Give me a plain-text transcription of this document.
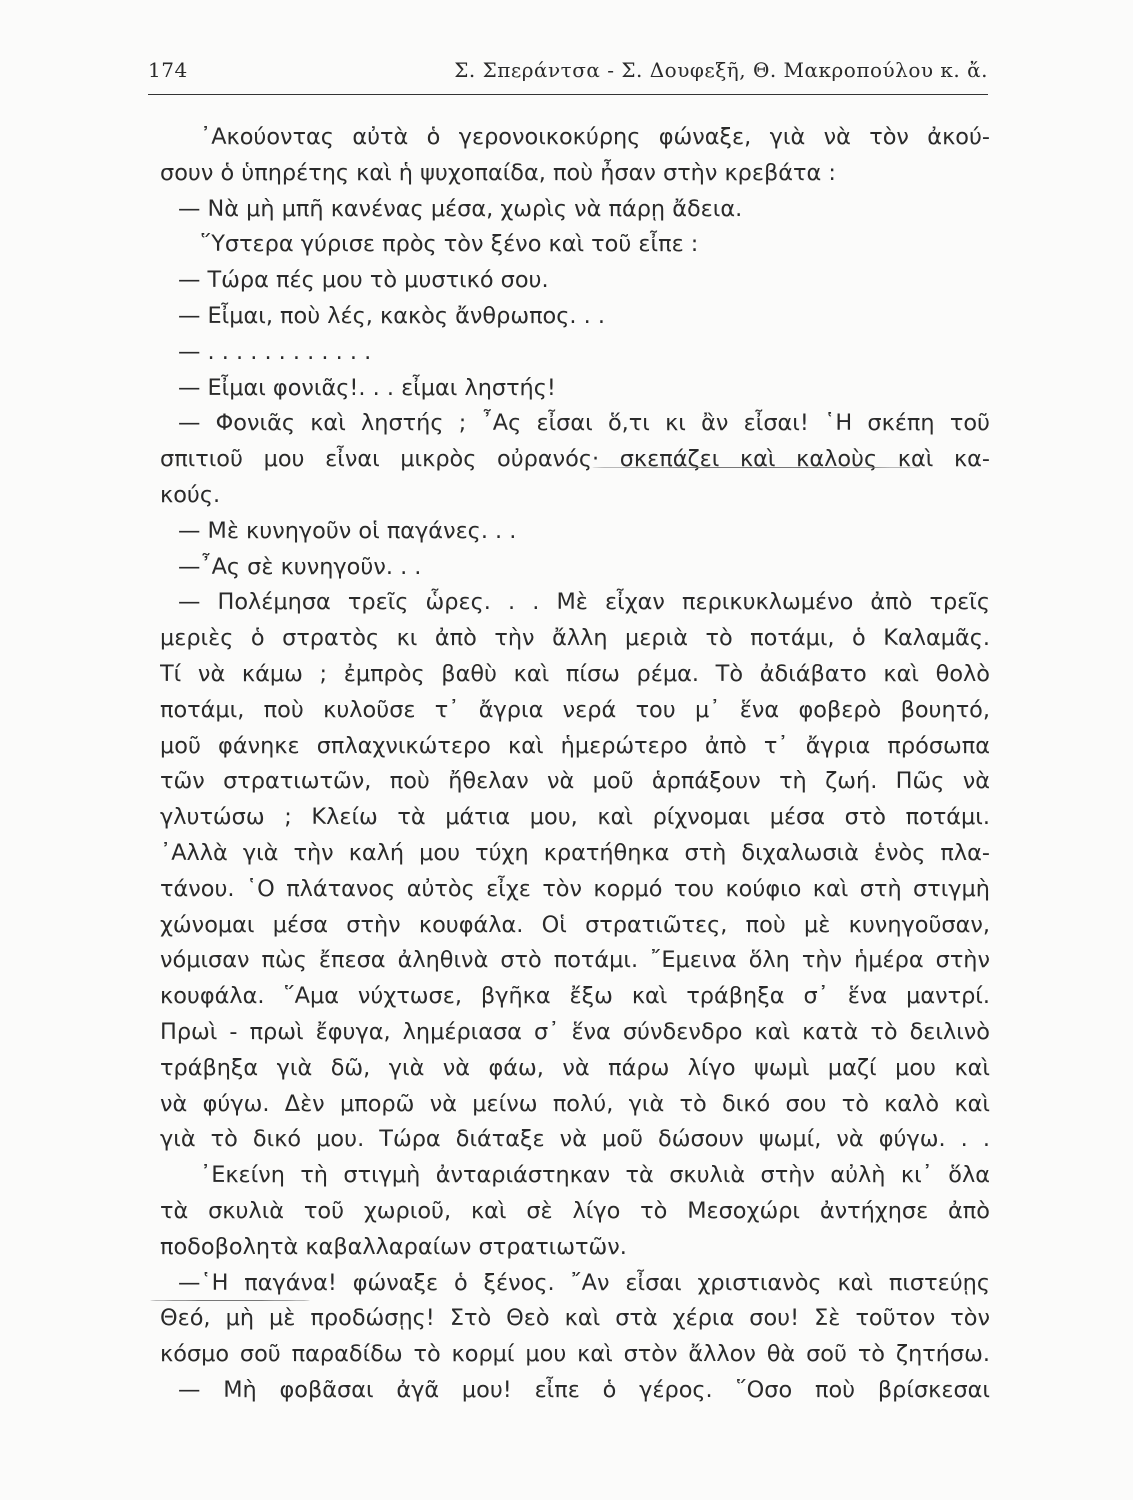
174	Σ. Σπεράντσα - Σ. Δουφεξῆ, Θ. Μακροπούλου κ. ἄ.
᾿Ακούοντας αὐτὰ ὁ γερονοικοκύρης φώναξε, γιὰ νὰ τὸν ἀκού-
σουν ὁ ὑπηρέτης καὶ ἡ ψυχοπαίδα, ποὺ ἦσαν στὴν κρεβάτα :
— Νὰ μὴ μπῆ κανένας μέσα, χωρὶς νὰ πάρῃ ἄδεια.
῞Υστερα γύρισε πρὸς τὸν ξένο καὶ τοῦ εἶπε :
— Τώρα πές μου τὸ μυστικό σου.
— Εἶμαι, ποὺ λές, κακὸς ἄνθρωπος. . .
— . . . . . . . . . . . .
— Εἶμαι φονιᾶς!. . . εἶμαι ληστής!
— Φονιᾶς καὶ ληστής ; ῏Ας εἶσαι ὅ,τι κι ἂν εἶσαι! ῾Η σκέπη τοῦ
σπιτιοῦ μου εἶναι μικρὸς οὐρανός· σκεπάζει καὶ καλοὺς καὶ κα-
κούς.
— Μὲ κυνηγοῦν οἱ παγάνες. . .
—῏Ας σὲ κυνηγοῦν. . .
— Πολέμησα τρεῖς ὧρες. . . Μὲ εἶχαν περικυκλωμένο ἀπὸ τρεῖς
μεριὲς ὁ στρατὸς κι ἀπὸ τὴν ἄλλη μεριὰ τὸ ποτάμι, ὁ Καλαμᾶς.
Τί νὰ κάμω ; ἐμπρὸς βαθὺ καὶ πίσω ρέμα. Τὸ ἀδιάβατο καὶ θολὸ
ποτάμι, ποὺ κυλοῦσε τ᾿ ἄγρια νερά του μ᾿ ἕνα φοβερὸ βουητό,
μοῦ φάνηκε σπλαχνικώτερο καὶ ἡμερώτερο ἀπὸ τ᾿ ἄγρια πρόσωπα
τῶν στρατιωτῶν, ποὺ ἤθελαν νὰ μοῦ ἁρπάξουν τὴ ζωή. Πῶς νὰ
γλυτώσω ; Κλείω τὰ μάτια μου, καὶ ρίχνομαι μέσα στὸ ποτάμι.
᾿Αλλὰ γιὰ τὴν καλή μου τύχη κρατήθηκα στὴ διχαλωσιὰ ἑνὸς πλα-
τάνου. ῾Ο πλάτανος αὐτὸς εἶχε τὸν κορμό του κούφιο καὶ στὴ στιγμὴ
χώνομαι μέσα στὴν κουφάλα. Οἱ στρατιῶτες, ποὺ μὲ κυνηγοῦσαν,
νόμισαν πὼς ἔπεσα ἀληθινὰ στὸ ποτάμι. ῎Εμεινα ὅλη τὴν ἡμέρα στὴν
κουφάλα. ῞Αμα νύχτωσε, βγῆκα ἔξω καὶ τράβηξα σ᾿ ἕνα μαντρί.
Πρωὶ - πρωὶ ἔφυγα, λημέριασα σ᾿ ἕνα σύνδενδρο καὶ κατὰ τὸ δειλινὸ
τράβηξα γιὰ δῶ, γιὰ νὰ φάω, νὰ πάρω λίγο ψωμὶ μαζί μου καὶ
νὰ φύγω. Δὲν μπορῶ νὰ μείνω πολύ, γιὰ τὸ δικό σου τὸ καλὸ καὶ
γιὰ τὸ δικό μου. Τώρα διάταξε νὰ μοῦ δώσουν ψωμί, νὰ φύγω. . .
᾿Εκείνη τὴ στιγμὴ ἀνταριάστηκαν τὰ σκυλιὰ στὴν αὐλὴ κι᾿ ὅλα
τὰ σκυλιὰ τοῦ χωριοῦ, καὶ σὲ λίγο τὸ Μεσοχώρι ἀντήχησε ἀπὸ
ποδοβολητὰ καβαλλαραίων στρατιωτῶν.
—῾Η παγάνα! φώναξε ὁ ξένος. ῎Αν εἶσαι χριστιανὸς καὶ πιστεύῃς
Θεό, μὴ μὲ προδώσῃς! Στὸ Θεὸ καὶ στὰ χέρια σου! Σὲ τοῦτον τὸν
κόσμο σοῦ παραδίδω τὸ κορμί μου καὶ στὸν ἄλλον θὰ σοῦ τὸ ζητήσω.
— Μὴ φοβᾶσαι ἀγᾶ μου! εἶπε ὁ γέρος. ῞Οσο ποὺ βρίσκεσαι
